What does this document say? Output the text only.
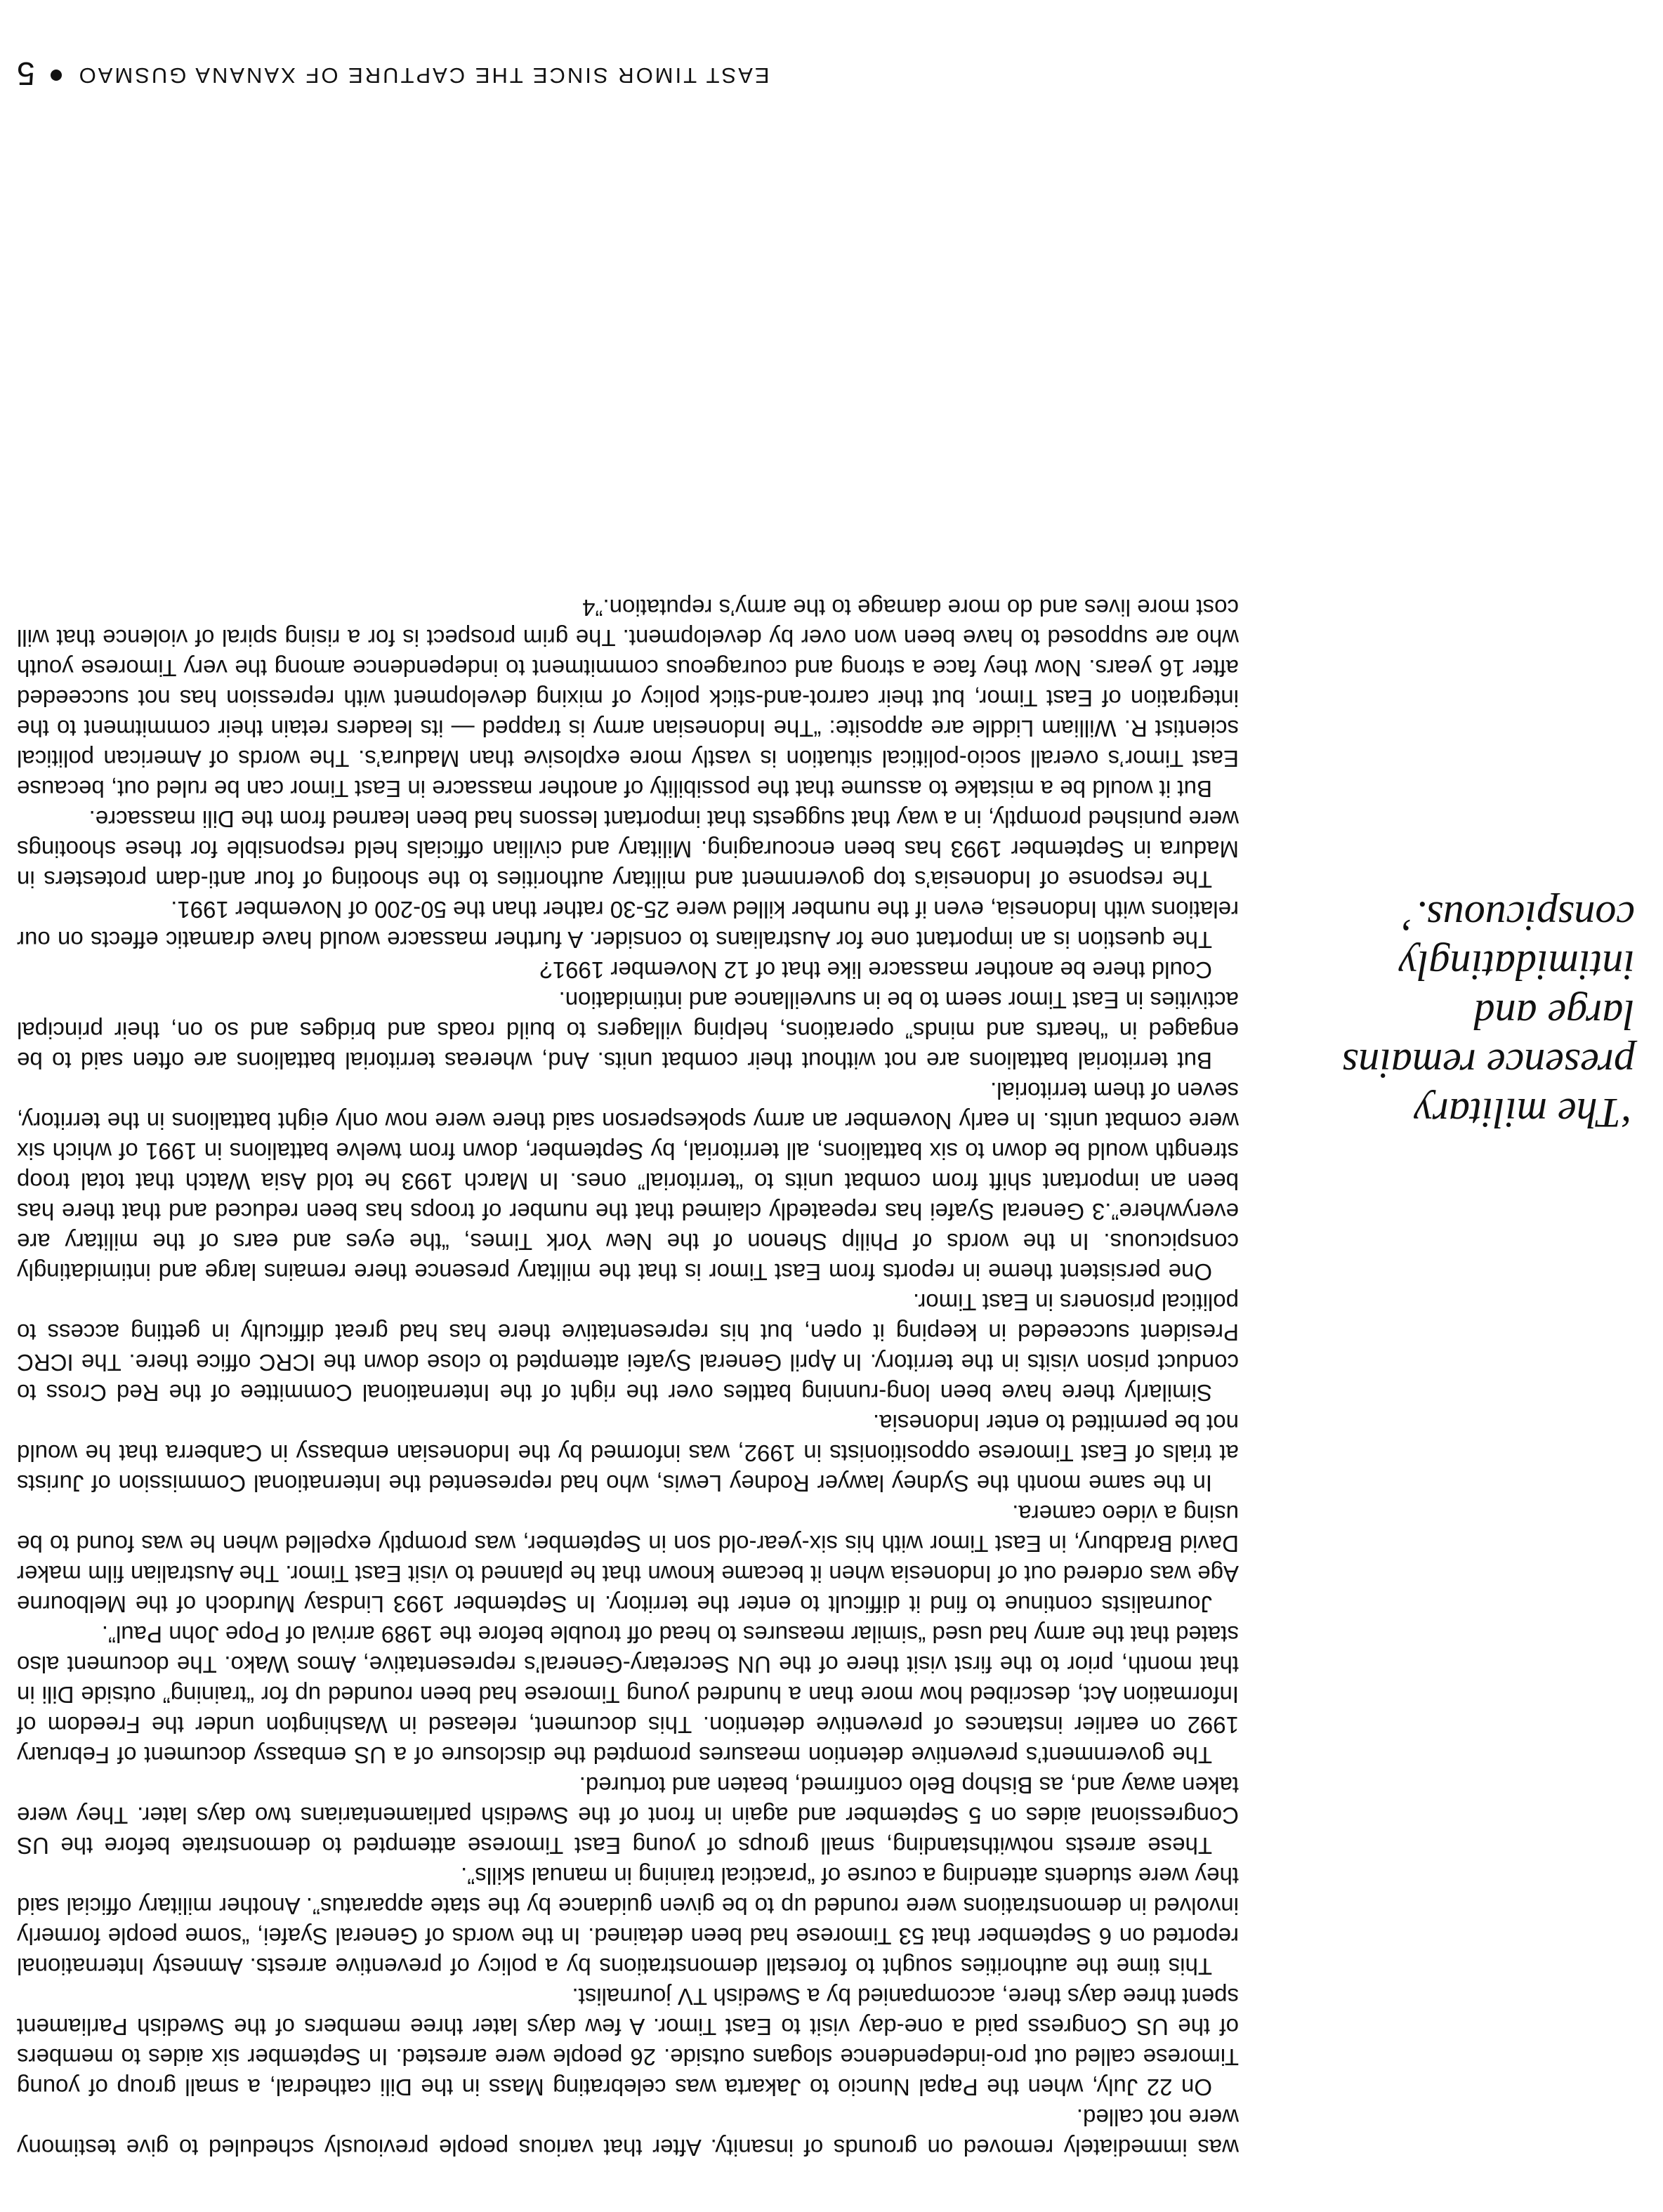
EAST TIMOR SINCE THE CAPTURE OF XANANA GUSMAO5

was immediately removed on grounds of insanity. After that various people previously scheduled to give testimony were not called.

On 22 July, when the Papal Nuncio to Jakarta was celebrating Mass in the Dili cathedral, a small group of young Timorese called out pro-independence slogans outside. 26 people were arrested. In September six aides to members of the US Congress paid a one-day visit to East Timor. A few days later three members of the Swedish Parliament spent three days there, accompanied by a Swedish TV journalist.

This time the authorities sought to forestall demonstrations by a policy of preventive arrests. Amnesty International reported on 6 September that 53 Timorese had been detained. In the words of General Syafei, “some people formerly involved in demonstrations were rounded up to be given guidance by the state apparatus”. Another military official said they were students attending a course of “practical training in manual skills”.

These arrests notwithstanding, small groups of young East Timorese attempted to demonstrate before the US Congressional aides on 5 September and again in front of the Swedish parliamentarians two days later. They were taken away and, as Bishop Belo confirmed, beaten and tortured.

The government’s preventive detention measures prompted the disclosure of a US embassy document of February 1992 on earlier instances of preventive detention. This document, released in Washington under the Freedom of Information Act, described how more than a hundred young Timorese had been rounded up for “training” outside Dili in that month, prior to the first visit there of the UN Secretary-General’s representative, Amos Wako. The document also stated that the army had used “similar measures to head off trouble before the 1989 arrival of Pope John Paul”.

Journalists continue to find it difficult to enter the territory. In September 1993 Lindsay Murdoch of the Melbourne Age was ordered out of Indonesia when it became known that he planned to visit East Timor. The Australian film maker David Bradbury, in East Timor with his six-year-old son in September, was promptly expelled when he was found to be using a video camera.

In the same month the Sydney lawyer Rodney Lewis, who had represented the International Commission of Jurists at trials of East Timorese oppositionists in 1992, was informed by the Indonesian embassy in Canberra that he would not be permitted to enter Indonesia.

Similarly there have been long-running battles over the right of the International Committee of the Red Cross to conduct prison visits in the territory. In April General Syafei attempted to close down the ICRC office there. The ICRC President succeeded in keeping it open, but his representative there has had great difficulty in getting access to political prisoners in East Timor.

One persistent theme in reports from East Timor is that the military presence there remains large and intimidatingly conspicuous. In the words of Philip Shenon of the New York Times, “the eyes and ears of the military are everywhere”.3 General Syafei has repeatedly claimed that the number of troops has been reduced and that there has been an important shift from combat units to “territorial” ones. In March 1993 he told Asia Watch that total troop strength would be down to six battalions, all territorial, by September, down from twelve battalions in 1991 of which six were combat units. In early November an army spokesperson said there were now only eight battalions in the territory, seven of them territorial.

But territorial battalions are not without their combat units. And, whereas territorial battalions are often said to be engaged in “hearts and minds” operations, helping villagers to build roads and bridges and so on, their principal activities in East Timor seem to be in surveillance and intimidation.

Could there be another massacre like that of 12 November 1991?

The question is an important one for Australians to consider. A further massacre would have dramatic effects on our relations with Indonesia, even if the number killed were 25-30 rather than the 50-200 of November 1991.

The response of Indonesia’s top government and military authorities to the shooting of four anti-dam protesters in Madura in September 1993 has been encouraging. Military and civilian officials held responsible for these shootings were punished promptly, in a way that suggests that important lessons had been learned from the Dili massacre.

But it would be a mistake to assume that the possibility of another massacre in East Timor can be ruled out, because East Timor’s overall socio-political situation is vastly more explosive than Madura’s. The words of American political scientist R. William Liddle are apposite: “The Indonesian army is trapped — its leaders retain their commitment to the integration of East Timor, but their carrot-and-stick policy of mixing development with repression has not succeeded after 16 years. Now they face a strong and courageous commitment to independence among the very Timorese youth who are supposed to have been won over by development. The grim prospect is for a rising spiral of violence that will cost more lives and do more damage to the army’s reputation.”4

‘The military presence remains large and intimidatingly conspicuous.’
